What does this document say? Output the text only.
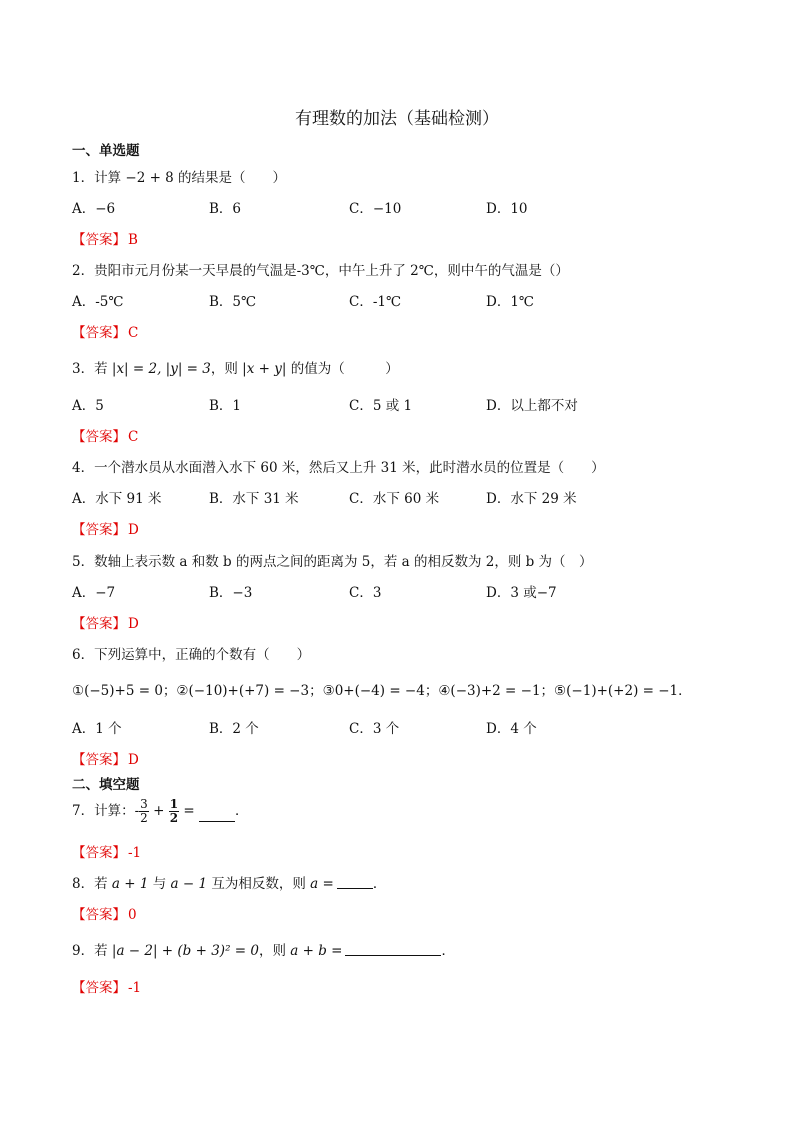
有理数的加法（基础检测）
一、单选题
1．计算 −2 + 8 的结果是（　　）
A．−6	B．6	C．−10	D．10
【答案】 B
2．贵阳市元月份某一天早晨的气温是-3℃，中午上升了 2℃，则中午的气温是（）
A．-5℃	B．5℃	C．-1℃	D．1℃
【答案】 C
3．若 |x| = 2, |y| = 3，则 |x + y| 的值为（　　　）
A．5	B．1	C．5 或 1	D．以上都不对
【答案】 C
4．一个潜水员从水面潜入水下 60 米，然后又上升 31 米，此时潜水员的位置是（　　）
A．水下 91 米	B．水下 31 米	C．水下 60 米	D．水下 29 米
【答案】 D
5．数轴上表示数 a 和数 b 的两点之间的距离为 5，若 a 的相反数为 2，则 b 为（　）
A．−7	B．−3	C．3	D．3 或−7
【答案】 D
6．下列运算中，正确的个数有（　　）
①(−5)+5 = 0；②(−10)+(+7) = −3；③0+(−4) = −4；④(−3)+2 = −1；⑤(−1)+(+2) = −1．
A．1 个	B．2 个	C．3 个	D．4 个
【答案】 D
二、填空题
7．计算：- $\frac{3}{2} + \frac{1}{2}$ =	．
【答案】 -1
8．若 a + 1 与 a − 1 互为相反数，则 a =	．
【答案】 0
9．若 |a − 2| + (b + 3)² = 0，则 a + b =	．
【答案】 -1
